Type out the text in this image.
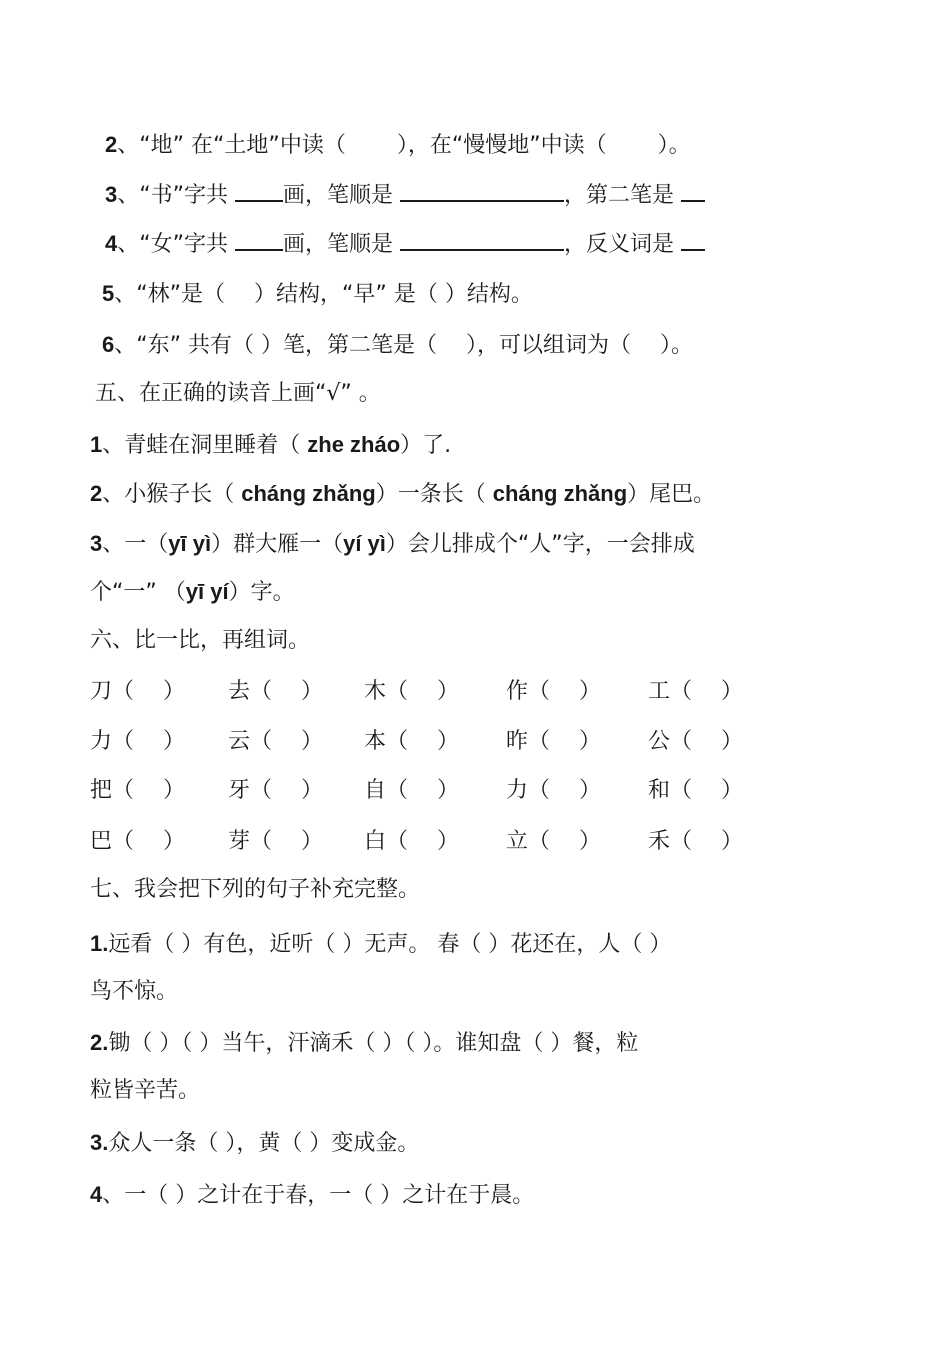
2、“地” 在“土地”中读（　　 ），在“慢慢地”中读（　　 ）。
3、“书”字共 画，笔顺是	，第二笔是
4、“女”字共 画，笔顺是	，反义词是
5、“林”是（　 ）结构，“早” 是（ ）结构。
6、“东” 共有（ ）笔，第二笔是（　 ），可以组词为（　 ）。
五、在正确的读音上画“√” 。
1、青蛙在洞里睡着（ zhe zháo）了.
2、小猴子长（ cháng zhǎng）一条长（ cháng zhǎng）尾巴。
3、一（yī yì）群大雁一（yí yì）会儿排成个“人”字，一会排成
个“一” （yī yí）字。
六、比一比，再组词。
刀（　 ） 去（　 ） 木（　 ） 作（　 ） 工（　 ）
力（　 ） 云（　 ） 本（　 ） 昨（　 ） 公（　 ）
把（　 ） 牙（　 ） 自（　 ） 力（　 ） 和（　 ）
巴（　 ） 芽（　 ） 白（　 ） 立（　 ） 禾（　 ）
七、我会把下列的句子补充完整。
1.远看（ ）有色，近听（ ）无声。 春（ ）花还在，人（ ）
鸟不惊。
2.锄（ ）（ ）当午，汗滴禾（ ）（ ）。谁知盘（ ）餐，粒
粒皆辛苦。
3.众人一条（ ），黄（ ）变成金。
4、一（ ）之计在于春，一（ ）之计在于晨。
